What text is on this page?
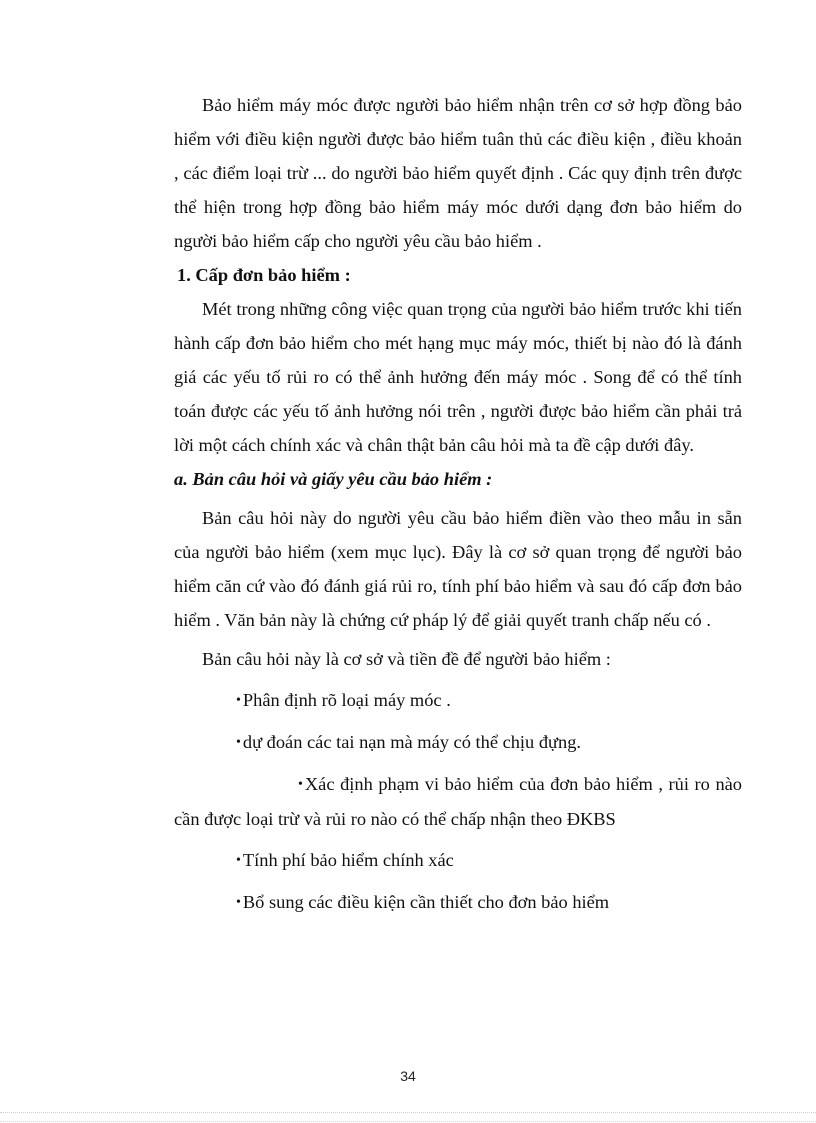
Bảo hiểm máy móc được người bảo hiểm nhận trên cơ sở hợp đồng bảo hiểm với điều kiện người được bảo hiểm tuân thủ các điều kiện , điều khoản , các điểm loại trừ ... do người bảo hiểm quyết định . Các quy định trên được thể hiện trong hợp đồng bảo hiểm máy móc dưới dạng đơn bảo hiểm do người bảo hiểm cấp cho người yêu cầu bảo hiểm .

1. Cấp đơn bảo hiểm :

Mét trong những công việc quan trọng của người bảo hiểm trước khi tiến hành cấp đơn bảo hiểm cho mét hạng mục máy móc, thiết bị nào đó là đánh giá các yếu tố rủi ro có thể ảnh hưởng đến máy móc . Song để có thể tính toán được các yếu tố ảnh hưởng nói trên , người được bảo hiểm cần phải trả lời một cách chính xác và chân thật bản câu hỏi mà ta đề cập dưới đây.

a. Bản câu hỏi và giấy yêu cầu bảo hiểm :

Bản câu hỏi này do người yêu cầu bảo hiểm điền vào theo mẫu in sẵn của người bảo hiểm (xem mục lục). Đây là cơ sở quan trọng để người bảo hiểm căn cứ vào đó đánh giá rủi ro, tính phí bảo hiểm và sau đó cấp đơn bảo hiểm . Văn bản này là chứng cứ pháp lý để giải quyết tranh chấp nếu có .

Bản câu hỏi này là cơ sở và tiền đề để người bảo hiểm :

• Phân định rõ loại máy móc .

• dự đoán các tai nạn mà máy có thể chịu đựng.

• Xác định phạm vi bảo hiểm của đơn bảo hiểm , rủi ro nào cần được loại trừ và rủi ro nào có thể chấp nhận theo ĐKBS

• Tính phí bảo hiểm chính xác

• Bổ sung các điều kiện cần thiết cho đơn bảo hiểm

34
